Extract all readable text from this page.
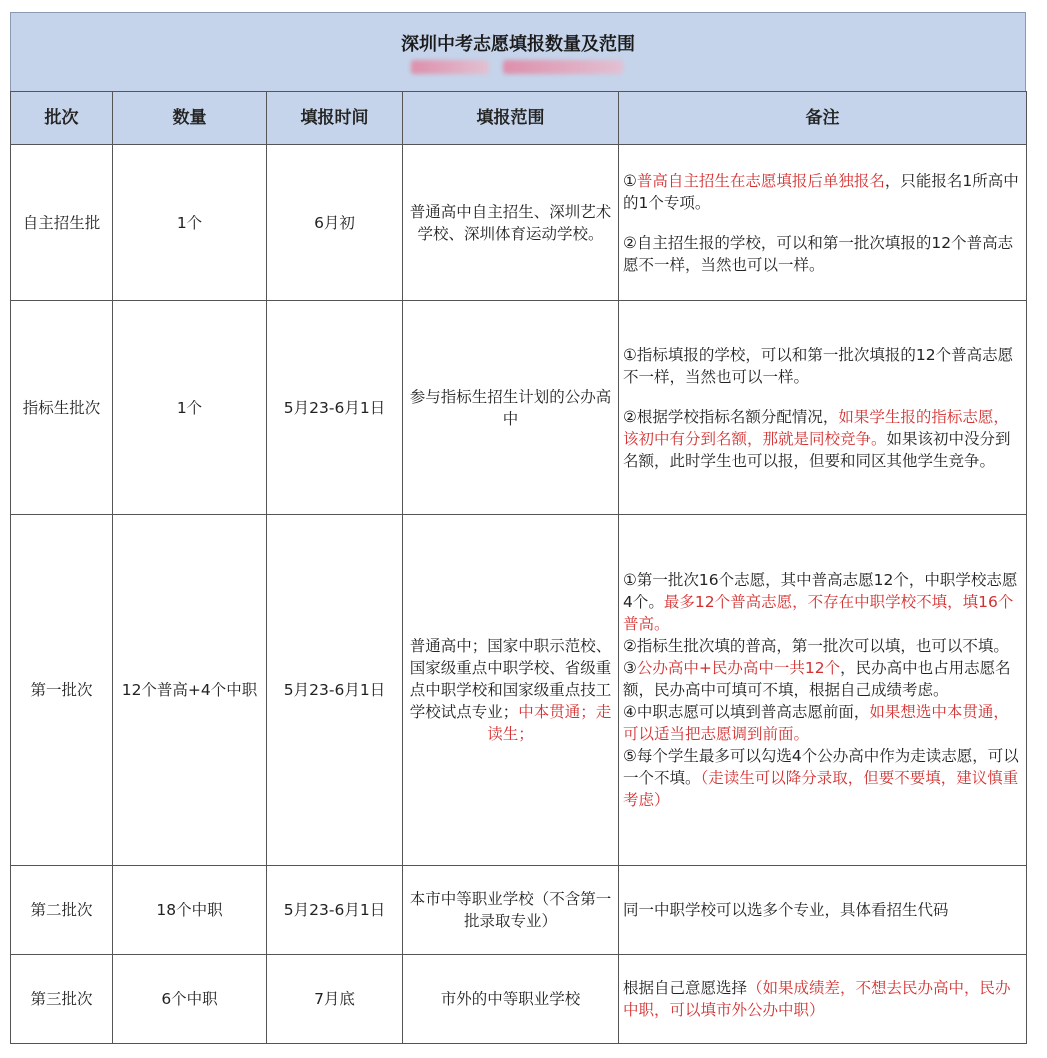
深圳中考志愿填报数量及范围
批次	数量	填报时间	填报范围	备注
自主招生批	1个	6月初	普通高中自主招生、深圳艺术学校、深圳体育运动学校。	①普高自主招生在志愿填报后单独报名，只能报名1所高中的1个专项。

②自主招生报的学校，可以和第一批次填报的12个普高志愿不一样，当然也可以一样。

指标生批次	1个	5月23-6月1日	参与指标生招生计划的公办高中	①指标填报的学校，可以和第一批次填报的12个普高志愿不一样，当然也可以一样。

②根据学校指标名额分配情况，如果学生报的指标志愿，该初中有分到名额，那就是同校竞争。如果该初中没分到名额，此时学生也可以报，但要和同区其他学生竞争。

第一批次	12个普高+4个中职	5月23-6月1日	普通高中；国家中职示范校、国家级重点中职学校、省级重点中职学校和国家级重点技工学校试点专业；中本贯通；走读生；	①第一批次16个志愿，其中普高志愿12个，中职学校志愿4个。最多12个普高志愿，不存在中职学校不填，填16个普高。

②指标生批次填的普高，第一批次可以填，也可以不填。

③公办高中+民办高中一共12个，民办高中也占用志愿名额，民办高中可填可不填，根据自己成绩考虑。

④中职志愿可以填到普高志愿前面，如果想选中本贯通，可以适当把志愿调到前面。

⑤每个学生最多可以勾选4个公办高中作为走读志愿，可以一个不填。（走读生可以降分录取，但要不要填，建议慎重考虑）

第二批次	18个中职	5月23-6月1日	本市中等职业学校（不含第一批录取专业）	同一中职学校可以选多个专业，具体看招生代码

第三批次	6个中职	7月底	市外的中等职业学校	根据自己意愿选择（如果成绩差，不想去民办高中，民办中职，可以填市外公办中职）
